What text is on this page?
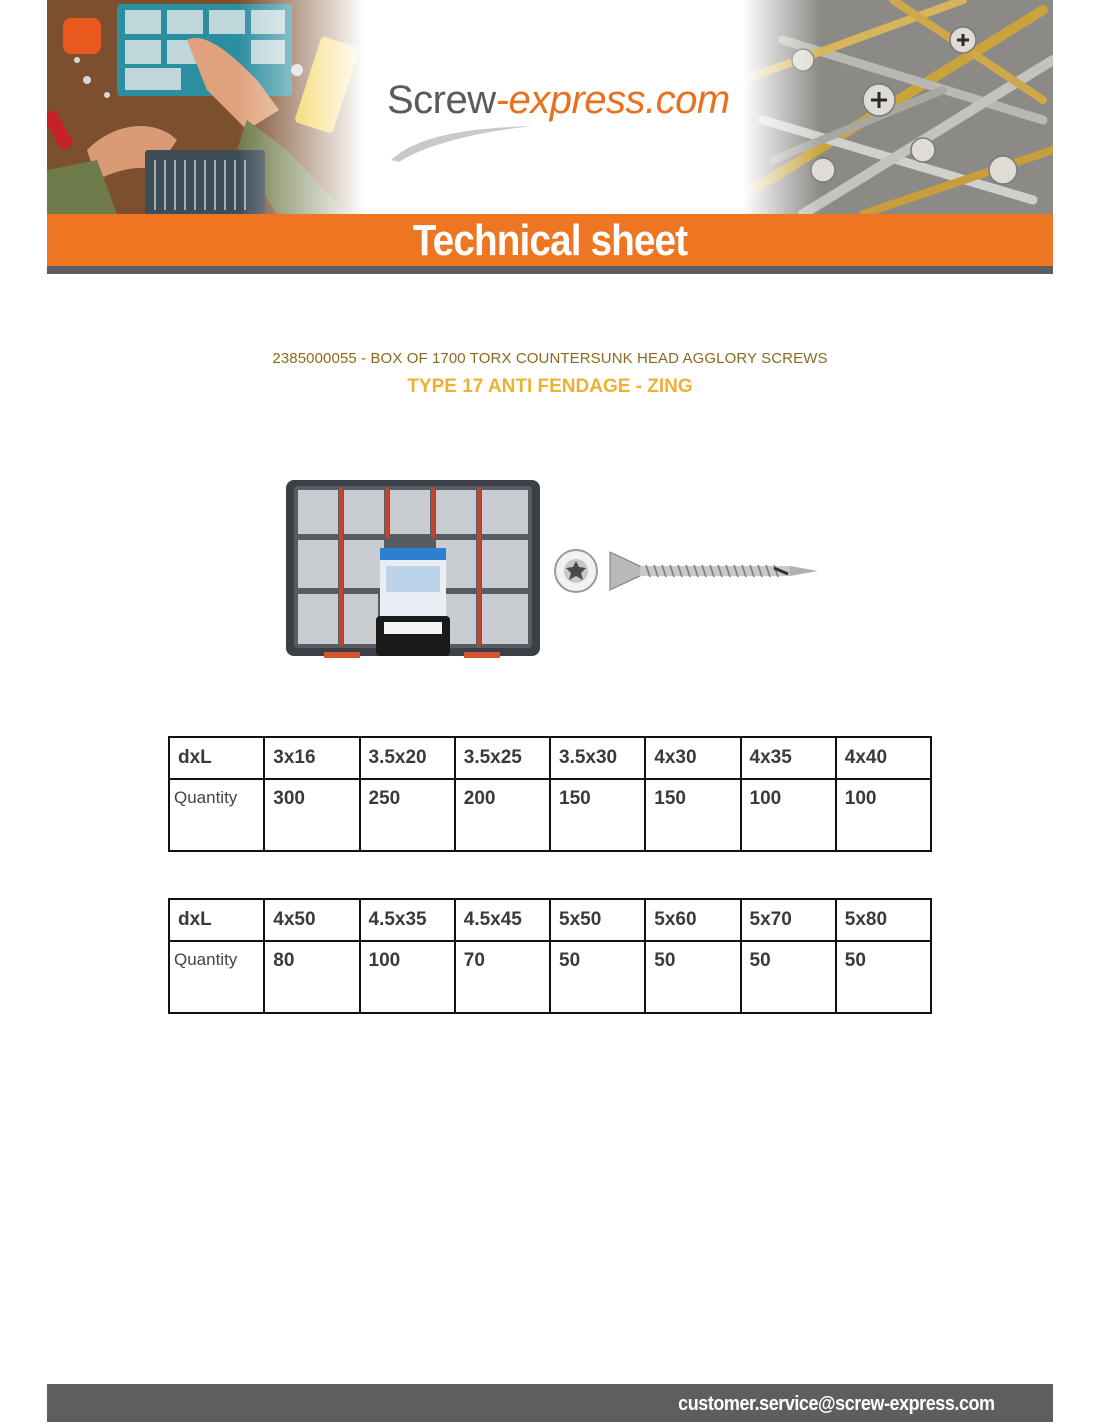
Screw-express.com
Technical sheet
2385000055 - BOX OF 1700 TORX COUNTERSUNK HEAD AGGLORY SCREWS
TYPE 17 ANTI FENDAGE - ZING
dxL	3x16	3.5x20	3.5x25	3.5x30	4x30	4x35	4x40
Quantity	300	250	200	150	150	100	100
dxL	4x50	4.5x35	4.5x45	5x50	5x60	5x70	5x80
Quantity	80	100	70	50	50	50	50
customer.service@screw-express.com
